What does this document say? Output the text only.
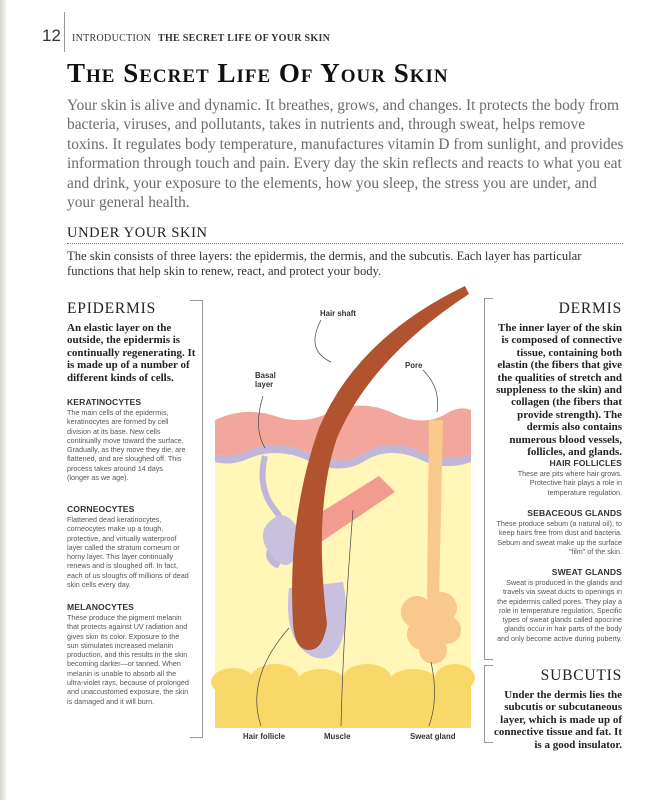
12 INTRODUCTION THE SECRET LIFE OF YOUR SKIN
The Secret Life Of Your Skin

Your skin is alive and dynamic. It breathes, grows, and changes. It protects the body from bacteria, viruses, and pollutants, takes in nutrients and, through sweat, helps remove toxins. It regulates body temperature, manufactures vitamin D from sunlight, and provides information through touch and pain. Every day the skin reflects and reacts to what you eat and drink, your exposure to the elements, how you sleep, the stress you are under, and your general health.

UNDER YOUR SKIN

The skin consists of three layers: the epidermis, the dermis, and the subcutis. Each layer has particular functions that help skin to renew, react, and protect your body.

EPIDERMIS

An elastic layer on the outside, the epidermis is continually regenerating. It is made up of a number of different kinds of cells.

KERATINOCYTES

The main cells of the epidermis, keratinocytes are formed by cell division at its base. New cells continually move toward the surface. Gradually, as they move they die, are flattened, and are sloughed off. This process takes around 14 days (longer as we age).

CORNEOCYTES

Flattened dead keratinocytes, corneocytes make up a tough, protective, and virtually waterproof layer called the stratum corneum or horny layer. This layer continually renews and is sloughed off. In fact, each of us sloughs off millions of dead skin cells every day.

MELANOCYTES

These produce the pigment melanin that protects against UV radiation and gives skin its color. Exposure to the sun stimulates increased melanin production, and this results in the skin becoming darker—or tanned. When melanin is unable to absorb all the ultra-violet rays, because of prolonged and unaccustomed exposure, the skin is damaged and it will burn.

DERMIS

The inner layer of the skin is composed of connective tissue, containing both elastin (the fibers that give the qualities of stretch and suppleness to the skin) and collagen (the fibers that provide strength). The dermis also contains numerous blood vessels, follicles, and glands.

HAIR FOLLICLES

These are pits where hair grows. Protective hair plays a role in temperature regulation.

SEBACEOUS GLANDS

These produce sebum (a natural oil), to keep hairs free from dust and bacteria. Sebum and sweat make up the surface "film" of the skin.

SWEAT GLANDS

Sweat is produced in the glands and travels via sweat ducts to openings in the epidermis called pores. They play a role in temperature regulation. Specific types of sweat glands called apocrine glands occur in hair parts of the body and only become active during puberty.

SUBCUTIS

Under the dermis lies the subcutis or subcutaneous layer, which is made up of connective tissue and fat. It is a good insulator.

Hair shaft
Basal layer
Pore
Hair follicle	Muscle	Sweat gland
